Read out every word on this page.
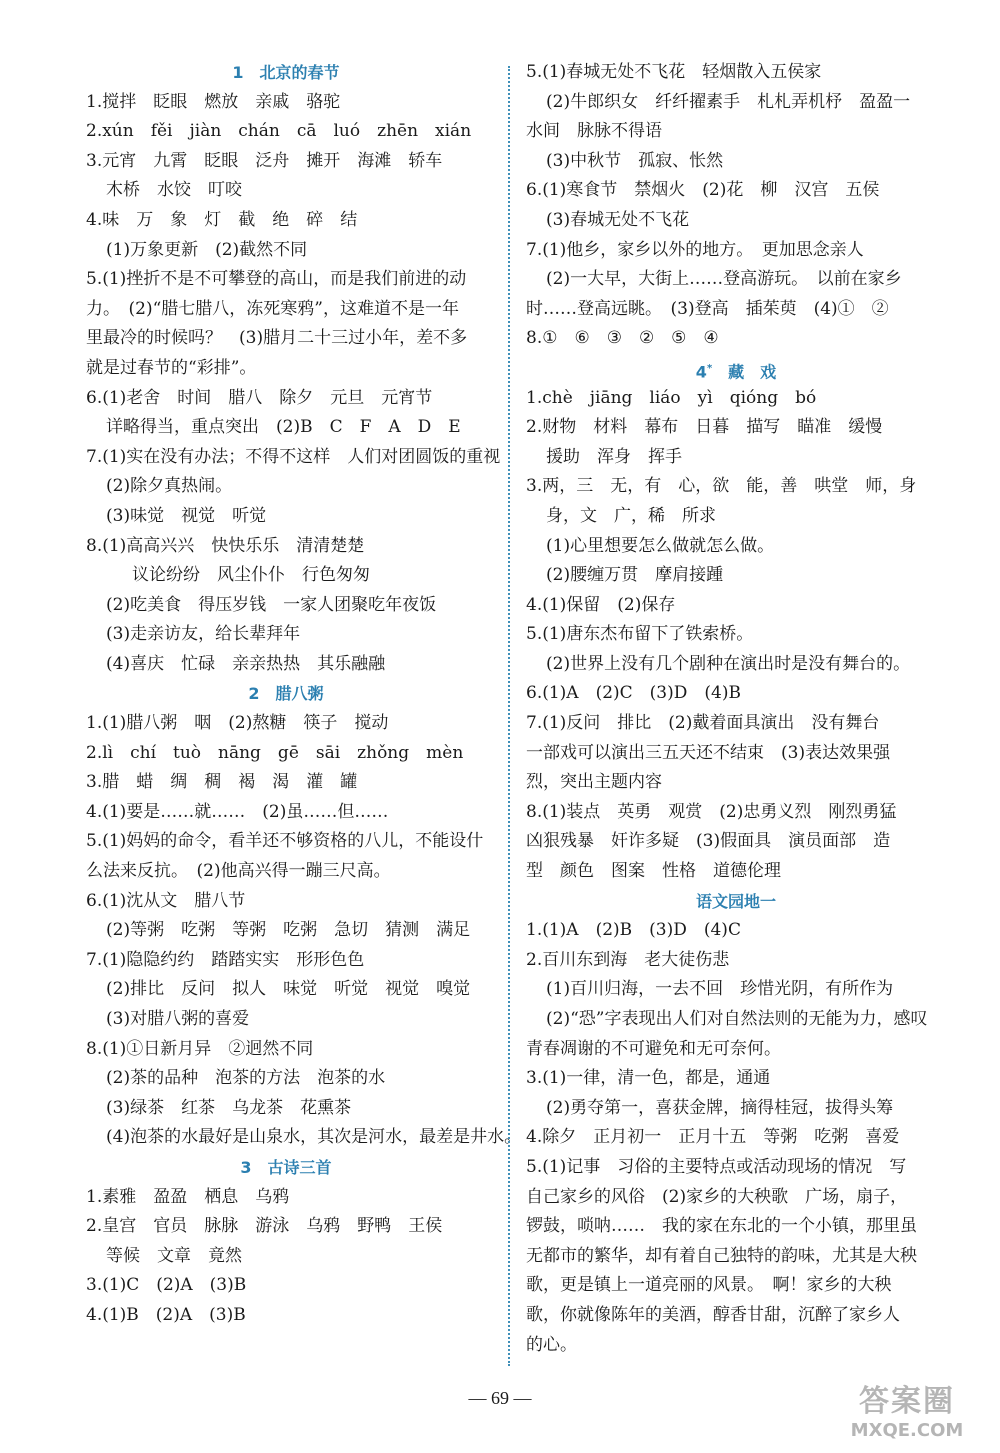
1　北京的春节
1.搅拌　眨眼　燃放　亲戚　骆驼
2.xún　fěi　jiàn　chán　cā　luó　zhēn　xián
3.元宵　九霄　眨眼　泛舟　摊开　海滩　轿车
木桥　水饺　叮咬
4.味　万　象　灯　截　绝　碎　结
(1)万象更新　(2)截然不同
5.(1)挫折不是不可攀登的高山，而是我们前进的动
力。　(2)“腊七腊八，冻死寒鸦”，这难道不是一年
里最冷的时候吗？　(3)腊月二十三过小年，差不多
就是过春节的“彩排”。
6.(1)老舍　时间　腊八　除夕　元旦　元宵节
详略得当，重点突出　(2)B　C　F　A　D　E
7.(1)实在没有办法；不得不这样　人们对团圆饭的重视
(2)除夕真热闹。
(3)味觉　视觉　听觉
8.(1)高高兴兴　快快乐乐　清清楚楚
议论纷纷　风尘仆仆　行色匆匆
(2)吃美食　得压岁钱　一家人团聚吃年夜饭
(3)走亲访友，给长辈拜年
(4)喜庆　忙碌　亲亲热热　其乐融融
2　腊八粥
1.(1)腊八粥　咽　(2)熬糖　筷子　搅动
2.lì　chí　tuò　nāng　gē　sāi　zhǒng　mèn
3.腊　蜡　绸　稠　褐　渴　灌　罐
4.(1)要是……就……　(2)虽……但……
5.(1)妈妈的命令，看羊还不够资格的八儿，不能设什
么法来反抗。　(2)他高兴得一蹦三尺高。
6.(1)沈从文　腊八节
(2)等粥　吃粥　等粥　吃粥　急切　猜测　满足
7.(1)隐隐约约　踏踏实实　形形色色
(2)排比　反问　拟人　味觉　听觉　视觉　嗅觉
(3)对腊八粥的喜爱
8.(1)①日新月异　②迥然不同
(2)茶的品种　泡茶的方法　泡茶的水
(3)绿茶　红茶　乌龙茶　花熏茶
(4)泡茶的水最好是山泉水，其次是河水，最差是井水。
3　古诗三首
1.素雅　盈盈　栖息　乌鸦
2.皇宫　官员　脉脉　游泳　乌鸦　野鸭　王侯
等候　文章　竟然
3.(1)C　(2)A　(3)B
4.(1)B　(2)A　(3)B
5.(1)春城无处不飞花　轻烟散入五侯家
(2)牛郎织女　纤纤擢素手　札札弄机杼　盈盈一
水间　脉脉不得语
(3)中秋节　孤寂、怅然
6.(1)寒食节　禁烟火　(2)花　柳　汉宫　五侯
(3)春城无处不飞花
7.(1)他乡，家乡以外的地方。　更加思念亲人
(2)一大早，大街上……登高游玩。　以前在家乡
时……登高远眺。　(3)登高　插茱萸　(4)①　②
8.①　⑥　③　②　⑤　④
4*　藏　戏
1.chè　jiāng　liáo　yì　qióng　bó
2.财物　材料　幕布　日暮　描写　瞄准　缓慢
援助　浑身　挥手
3.两，三　无，有　心，欲　能，善　哄堂　师，身
身，文　广，稀　所求
(1)心里想要怎么做就怎么做。
(2)腰缠万贯　摩肩接踵
4.(1)保留　(2)保存
5.(1)唐东杰布留下了铁索桥。
(2)世界上没有几个剧种在演出时是没有舞台的。
6.(1)A　(2)C　(3)D　(4)B
7.(1)反问　排比　(2)戴着面具演出　没有舞台
一部戏可以演出三五天还不结束　(3)表达效果强
烈，突出主题内容
8.(1)装点　英勇　观赏　(2)忠勇义烈　刚烈勇猛
凶狠残暴　奸诈多疑　(3)假面具　演员面部　造
型　颜色　图案　性格　道德伦理
语文园地一
1.(1)A　(2)B　(3)D　(4)C
2.百川东到海　老大徒伤悲
(1)百川归海，一去不回　珍惜光阴，有所作为
(2)“恐”字表现出人们对自然法则的无能为力，感叹
青春凋谢的不可避免和无可奈何。
3.(1)一律，清一色，都是，通通
(2)勇夺第一，喜获金牌，摘得桂冠，拔得头筹
4.除夕　正月初一　正月十五　等粥　吃粥　喜爱
5.(1)记事　习俗的主要特点或活动现场的情况　写
自己家乡的风俗　(2)家乡的大秧歌　广场，扇子，
锣鼓，唢呐……　我的家在东北的一个小镇，那里虽
无都市的繁华，却有着自己独特的韵味，尤其是大秧
歌，更是镇上一道亮丽的风景。　啊！家乡的大秧
歌，你就像陈年的美酒，醇香甘甜，沉醉了家乡人
的心。
— 69 —	答案圈
MXQE.COM
